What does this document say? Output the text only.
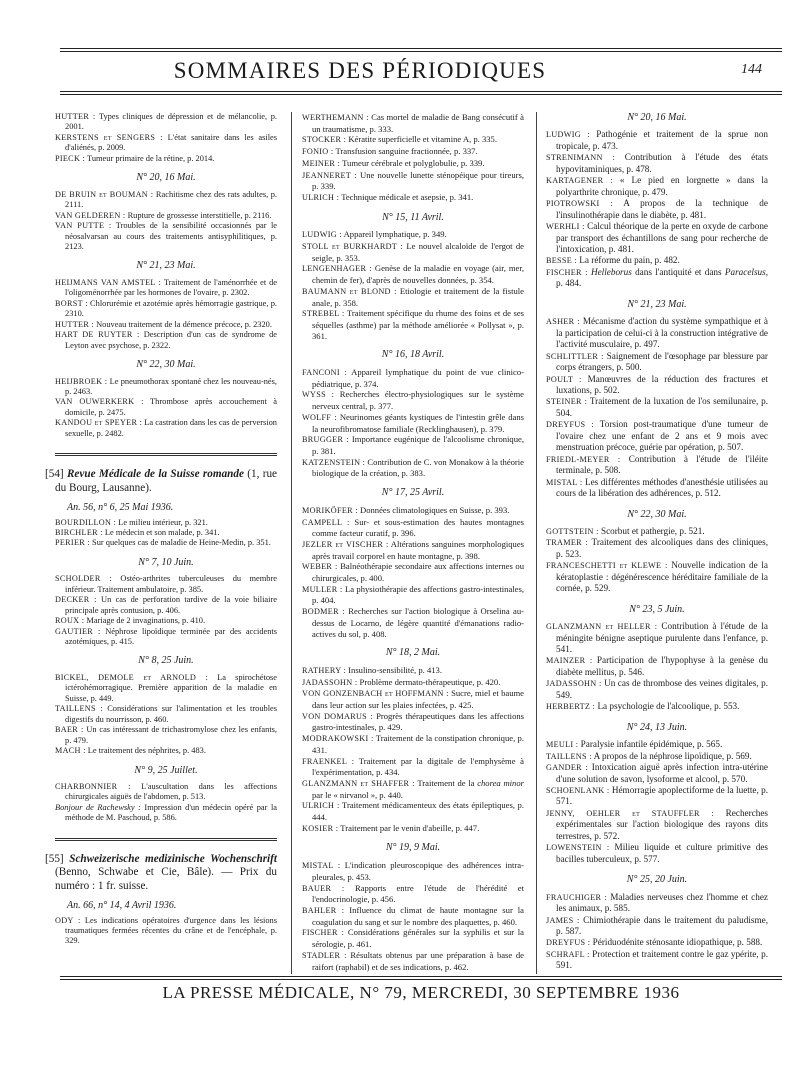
SOMMAIRES DES PÉRIODIQUES	144

HUTTER : Types cliniques de dépression et de mélancolie, p. 2001.

KERSTENS et SENGERS : L'état sanitaire dans les asiles d'aliénés, p. 2009.

PIECK : Tumeur primaire de la rétine, p. 2014.

N° 20, 16 Mai.

DE BRUIN et BOUMAN : Rachitisme chez des rats adultes, p. 2111.

VAN GELDEREN : Rupture de grossesse interstitielle, p. 2116.

VAN PUTTE : Troubles de la sensibilité occasionnés par le néosalvarsan au cours des traitements antisyphilitiques, p. 2123.

N° 21, 23 Mai.

HEIJMANS VAN AMSTEL : Traitement de l'aménorrhée et de l'oligoménorrhée par les hormones de l'ovaire, p. 2302.

BORST : Chlorurémie et azotémie après hémorragie gastrique, p. 2310.

HUTTER : Nouveau traitement de la démence précoce, p. 2320.

HART DE RUYTER : Description d'un cas de syndrome de Leyton avec psychose, p. 2322.

N° 22, 30 Mai.

HEIJBROEK : Le pneumothorax spontané chez les nouveau-nés, p. 2463.

VAN OUWERKERK : Thrombose après accouchement à domicile, p. 2475.

KANDOU et SPEYER : La castration dans les cas de perversion sexuelle, p. 2482.

[54] Revue Médicale de la Suisse romande (1, rue du Bourg, Lausanne).

An. 56, n° 6, 25 Mai 1936.

BOURDILLON : Le milieu intérieur, p. 321.

BIRCHLER : Le médecin et son malade, p. 341.

PERIER : Sur quelques cas de maladie de Heine-Medin, p. 351.

N° 7, 10 Juin.

SCHOLDER : Ostéo-arthrites tuberculeuses du membre inférieur. Traitement ambulatoire, p. 385.

DECKER : Un cas de perforation tardive de la voie biliaire principale après contusion, p. 406.

ROUX : Mariage de 2 invaginations, p. 410.

GAUTIER : Néphrose lipoïdique terminée par des accidents azotémiques, p. 415.

N° 8, 25 Juin.

BICKEL, DEMOLE et ARNOLD : La spirochétose ictérohémorragique. Première apparition de la maladie en Suisse, p. 449.

TAILLENS : Considérations sur l'alimentation et les troubles digestifs du nourrisson, p. 460.

BAER : Un cas intéressant de trichastromylose chez les enfants, p. 479.

MACH : Le traitement des néphrites, p. 483.

N° 9, 25 Juillet.

CHARBONNIER : L'auscultation dans les affections chirurgicales aiguës de l'abdomen, p. 513.

Bonjour de Rachewsky : Impression d'un médecin opéré par la méthode de M. Paschoud, p. 586.

[55] Schweizerische medizinische Wochenschrift (Benno, Schwabe et Cie, Bâle). — Prix du numéro : 1 fr. suisse.

An. 66, n° 14, 4 Avril 1936.

ODY : Les indications opératoires d'urgence dans les lésions traumatiques fermées récentes du crâne et de l'encéphale, p. 329.

WERTHEMANN : Cas mortel de maladie de Bang consécutif à un traumatisme, p. 333.

STOCKER : Kératite superficielle et vitamine A, p. 335.

FONIO : Transfusion sanguine fractionnée, p. 337.

MEINER : Tumeur cérébrale et polyglobulie, p. 339.

JEANNERET : Une nouvelle lunette sténopéique pour tireurs, p. 339.

ULRICH : Technique médicale et asepsie, p. 341.

N° 15, 11 Avril.

LUDWIG : Appareil lymphatique, p. 349.

STOLL et BURKHARDT : Le nouvel alcaloïde de l'ergot de seigle, p. 353.

LENGENHAGER : Genèse de la maladie en voyage (air, mer, chemin de fer), d'après de nouvelles données, p. 354.

BAUMANN et BLOND : Etiologie et traitement de la fistule anale, p. 358.

STREBEL : Traitement spécifique du rhume des foins et de ses séquelles (asthme) par la méthode améliorée « Pollysat », p. 361.

N° 16, 18 Avril.

FANCONI : Appareil lymphatique du point de vue clinico-pédiatrique, p. 374.

WYSS : Recherches électro-physiologiques sur le système nerveux central, p. 377.

WOLFF : Neurinomes géants kystiques de l'intestin grêle dans la neurofibromatose familiale (Recklinghausen), p. 379.

BRUGGER : Importance eugénique de l'alcoolisme chronique, p. 381.

KATZENSTEIN : Contribution de C. von Monakow à la théorie biologique de la création, p. 383.

N° 17, 25 Avril.

MORIKÖFER : Données climatologiques en Suisse, p. 393.

CAMPELL : Sur- et sous-estimation des hautes montagnes comme facteur curatif, p. 396.

JEZLER et VISCHER : Altérations sanguines morphologiques après travail corporel en haute montagne, p. 398.

WEBER : Balnéothérapie secondaire aux affections internes ou chirurgicales, p. 400.

MULLER : La physiothérapie des affections gastro-intestinales, p. 404.

BODMER : Recherches sur l'action biologique à Orselina au-dessus de Locarno, de légère quantité d'émanations radio-actives du sol, p. 408.

N° 18, 2 Mai.

RATHERY : Insulino-sensibilité, p. 413.

JADASSOHN : Problème dermato-thérapeutique, p. 420.

VON GONZENBACH et HOFFMANN : Sucre, miel et baume dans leur action sur les plaies infectées, p. 425.

VON DOMARUS : Progrès thérapeutiques dans les affections gastro-intestinales, p. 429.

MODRAKOWSKI : Traitement de la constipation chronique, p. 431.

FRAENKEL : Traitement par la digitale de l'emphysème à l'expérimentation, p. 434.

GLANZMANN et SHAFFER : Traitement de la chorea minor par le « nirvanol », p. 440.

ULRICH : Traitement médicamenteux des états épileptiques, p. 444.

KOSIER : Traitement par le venin d'abeille, p. 447.

N° 19, 9 Mai.

MISTAL : L'indication pleuroscopique des adhérences intra-pleurales, p. 453.

BAUER : Rapports entre l'étude de l'hérédité et l'endocrinologie, p. 456.

BAHLER : Influence du climat de haute montagne sur la coagulation du sang et sur le nombre des plaquettes, p. 460.

FISCHER : Considérations générales sur la syphilis et sur la sérologie, p. 461.

STADLER : Résultats obtenus par une préparation à base de raifort (raphabil) et de ses indications, p. 462.

N° 20, 16 Mai.

LUDWIG : Pathogénie et traitement de la sprue non tropicale, p. 473.

STRENIMANN : Contribution à l'étude des états hypovitaminiques, p. 478.

KARTAGENER : « Le pied en lorgnette » dans la polyarthrite chronique, p. 479.

PIOTROWSKI : A propos de la technique de l'insulinothérapie dans le diabète, p. 481.

WERHLI : Calcul théorique de la perte en oxyde de carbone par transport des échantillons de sang pour recherche de l'intoxication, p. 481.

BESSE : La réforme du pain, p. 482.

FISCHER : Helleborus dans l'antiquité et dans Paracelsus, p. 484.

N° 21, 23 Mai.

ASHER : Mécanisme d'action du système sympathique et à la participation de celui-ci à la construction intégrative de l'activité musculaire, p. 497.

SCHLITTLER : Saignement de l'œsophage par blessure par corps étrangers, p. 500.

POULT : Manœuvres de la réduction des fractures et luxations, p. 502.

STEINER : Traitement de la luxation de l'os semilunaire, p. 504.

DREYFUS : Torsion post-traumatique d'une tumeur de l'ovaire chez une enfant de 2 ans et 9 mois avec menstruation précoce, guérie par opération, p. 507.

FRIEDL-MEYER : Contribution à l'étude de l'iléite terminale, p. 508.

MISTAL : Les différentes méthodes d'anesthésie utilisées au cours de la libération des adhérences, p. 512.

N° 22, 30 Mai.

GOTTSTEIN : Scorbut et pathergie, p. 521.

TRAMER : Traitement des alcooliques dans des cliniques, p. 523.

FRANCESCHETTI et KLEWE : Nouvelle indication de la kératoplastie : dégénérescence héréditaire familiale de la cornée, p. 529.

N° 23, 5 Juin.

GLANZMANN et HELLER : Contribution à l'étude de la méningite bénigne aseptique purulente dans l'enfance, p. 541.

MAINZER : Participation de l'hypophyse à la genèse du diabète mellitus, p. 546.

JADASSOHN : Un cas de thrombose des veines digitales, p. 549.

HERBERTZ : La psychologie de l'alcoolique, p. 553.

N° 24, 13 Juin.

MEULI : Paralysie infantile épidémique, p. 565.

TAILLENS : A propos de la néphrose lipoïdique, p. 569.

GANDER : Intoxication aiguë après infection intra-utérine d'une solution de savon, lysoforme et alcool, p. 570.

SCHOENLANK : Hémorragie apoplectiforme de la luette, p. 571.

JENNY, OEHLER et STAUFFLER : Recherches expérimentales sur l'action biologique des rayons dits terrestres, p. 572.

LOWENSTEIN : Milieu liquide et culture primitive des bacilles tuberculeux, p. 577.

N° 25, 20 Juin.

FRAUCHIGER : Maladies nerveuses chez l'homme et chez les animaux, p. 585.

JAMES : Chimiothérapie dans le traitement du paludisme, p. 587.

DREYFUS : Périduodénite sténosante idiopathique, p. 588.

SCHRAFL : Protection et traitement contre le gaz ypérite, p. 591.

LA PRESSE MÉDICALE, N° 79, MERCREDI, 30 SEPTEMBRE 1936
